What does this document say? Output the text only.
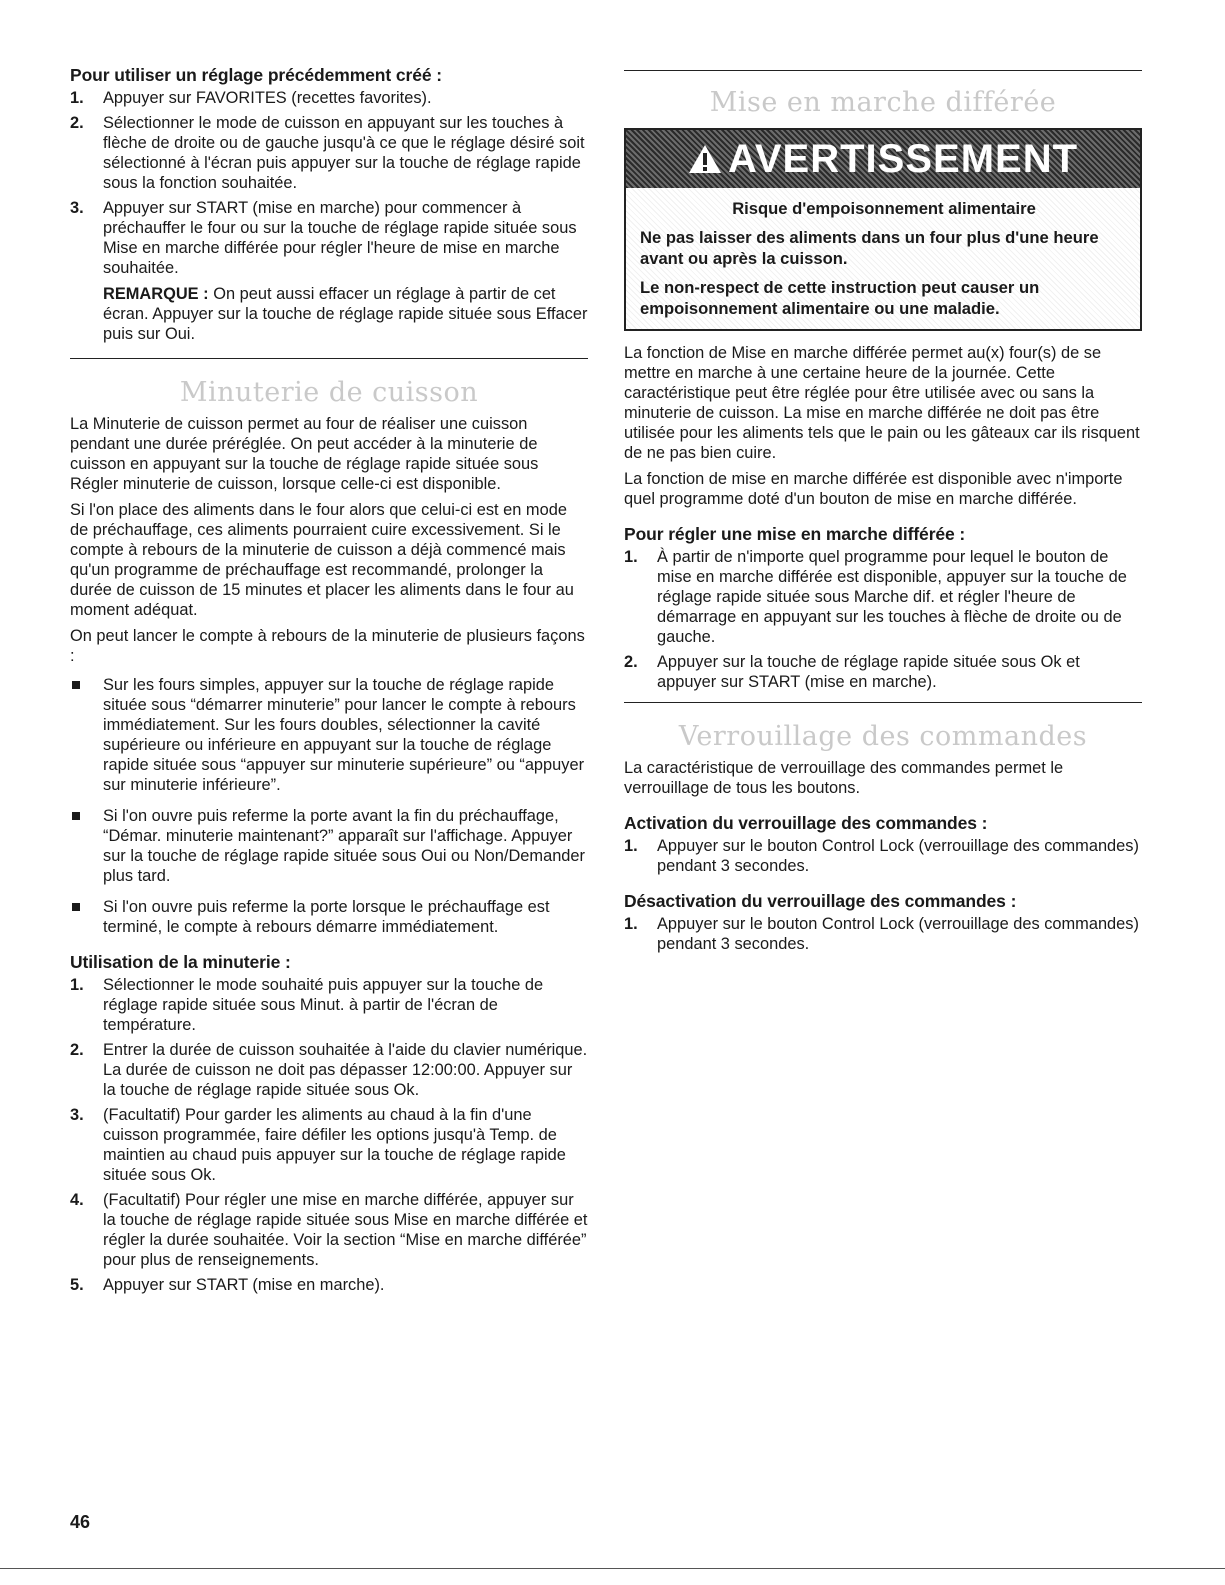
Pour utiliser un réglage précédemment créé :
1. Appuyer sur FAVORITES (recettes favorites).
2. Sélectionner le mode de cuisson en appuyant sur les touches à flèche de droite ou de gauche jusqu'à ce que le réglage désiré soit sélectionné à l'écran puis appuyer sur la touche de réglage rapide sous la fonction souhaitée.
3. Appuyer sur START (mise en marche) pour commencer à préchauffer le four ou sur la touche de réglage rapide située sous Mise en marche différée pour régler l'heure de mise en marche souhaitée.
REMARQUE : On peut aussi effacer un réglage à partir de cet écran. Appuyer sur la touche de réglage rapide située sous Effacer puis sur Oui.
Minuterie de cuisson
La Minuterie de cuisson permet au four de réaliser une cuisson pendant une durée préréglée. On peut accéder à la minuterie de cuisson en appuyant sur la touche de réglage rapide située sous Régler minuterie de cuisson, lorsque celle-ci est disponible.
Si l'on place des aliments dans le four alors que celui-ci est en mode de préchauffage, ces aliments pourraient cuire excessivement. Si le compte à rebours de la minuterie de cuisson a déjà commencé mais qu'un programme de préchauffage est recommandé, prolonger la durée de cuisson de 15 minutes et placer les aliments dans le four au moment adéquat.
On peut lancer le compte à rebours de la minuterie de plusieurs façons :
Sur les fours simples, appuyer sur la touche de réglage rapide située sous “démarrer minuterie” pour lancer le compte à rebours immédiatement. Sur les fours doubles, sélectionner la cavité supérieure ou inférieure en appuyant sur la touche de réglage rapide située sous “appuyer sur minuterie supérieure” ou “appuyer sur minuterie inférieure”.
Si l'on ouvre puis referme la porte avant la fin du préchauffage, “Démar. minuterie maintenant?” apparaît sur l'affichage. Appuyer sur la touche de réglage rapide située sous Oui ou Non/Demander plus tard.
Si l'on ouvre puis referme la porte lorsque le préchauffage est terminé, le compte à rebours démarre immédiatement.
Utilisation de la minuterie :
1. Sélectionner le mode souhaité puis appuyer sur la touche de réglage rapide située sous Minut. à partir de l'écran de température.
2. Entrer la durée de cuisson souhaitée à l'aide du clavier numérique. La durée de cuisson ne doit pas dépasser 12:00:00. Appuyer sur la touche de réglage rapide située sous Ok.
3. (Facultatif) Pour garder les aliments au chaud à la fin d'une cuisson programmée, faire défiler les options jusqu'à Temp. de maintien au chaud puis appuyer sur la touche de réglage rapide située sous Ok.
4. (Facultatif) Pour régler une mise en marche différée, appuyer sur la touche de réglage rapide située sous Mise en marche différée et régler la durée souhaitée. Voir la section “Mise en marche différée” pour plus de renseignements.
5. Appuyer sur START (mise en marche).
Mise en marche différée
AVERTISSEMENT

Risque d'empoisonnement alimentaire

Ne pas laisser des aliments dans un four plus d'une heure avant ou après la cuisson.

Le non-respect de cette instruction peut causer un empoisonnement alimentaire ou une maladie.

La fonction de Mise en marche différée permet au(x) four(s) de se mettre en marche à une certaine heure de la journée. Cette caractéristique peut être réglée pour être utilisée avec ou sans la minuterie de cuisson. La mise en marche différée ne doit pas être utilisée pour les aliments tels que le pain ou les gâteaux car ils risquent de ne pas bien cuire.
La fonction de mise en marche différée est disponible avec n'importe quel programme doté d'un bouton de mise en marche différée.
Pour régler une mise en marche différée :
1. À partir de n'importe quel programme pour lequel le bouton de mise en marche différée est disponible, appuyer sur la touche de réglage rapide située sous Marche dif. et régler l'heure de démarrage en appuyant sur les touches à flèche de droite ou de gauche.
2. Appuyer sur la touche de réglage rapide située sous Ok et appuyer sur START (mise en marche).
Verrouillage des commandes
La caractéristique de verrouillage des commandes permet le verrouillage de tous les boutons.
Activation du verrouillage des commandes :
1. Appuyer sur le bouton Control Lock (verrouillage des commandes) pendant 3 secondes.
Désactivation du verrouillage des commandes :
1. Appuyer sur le bouton Control Lock (verrouillage des commandes) pendant 3 secondes.
46
